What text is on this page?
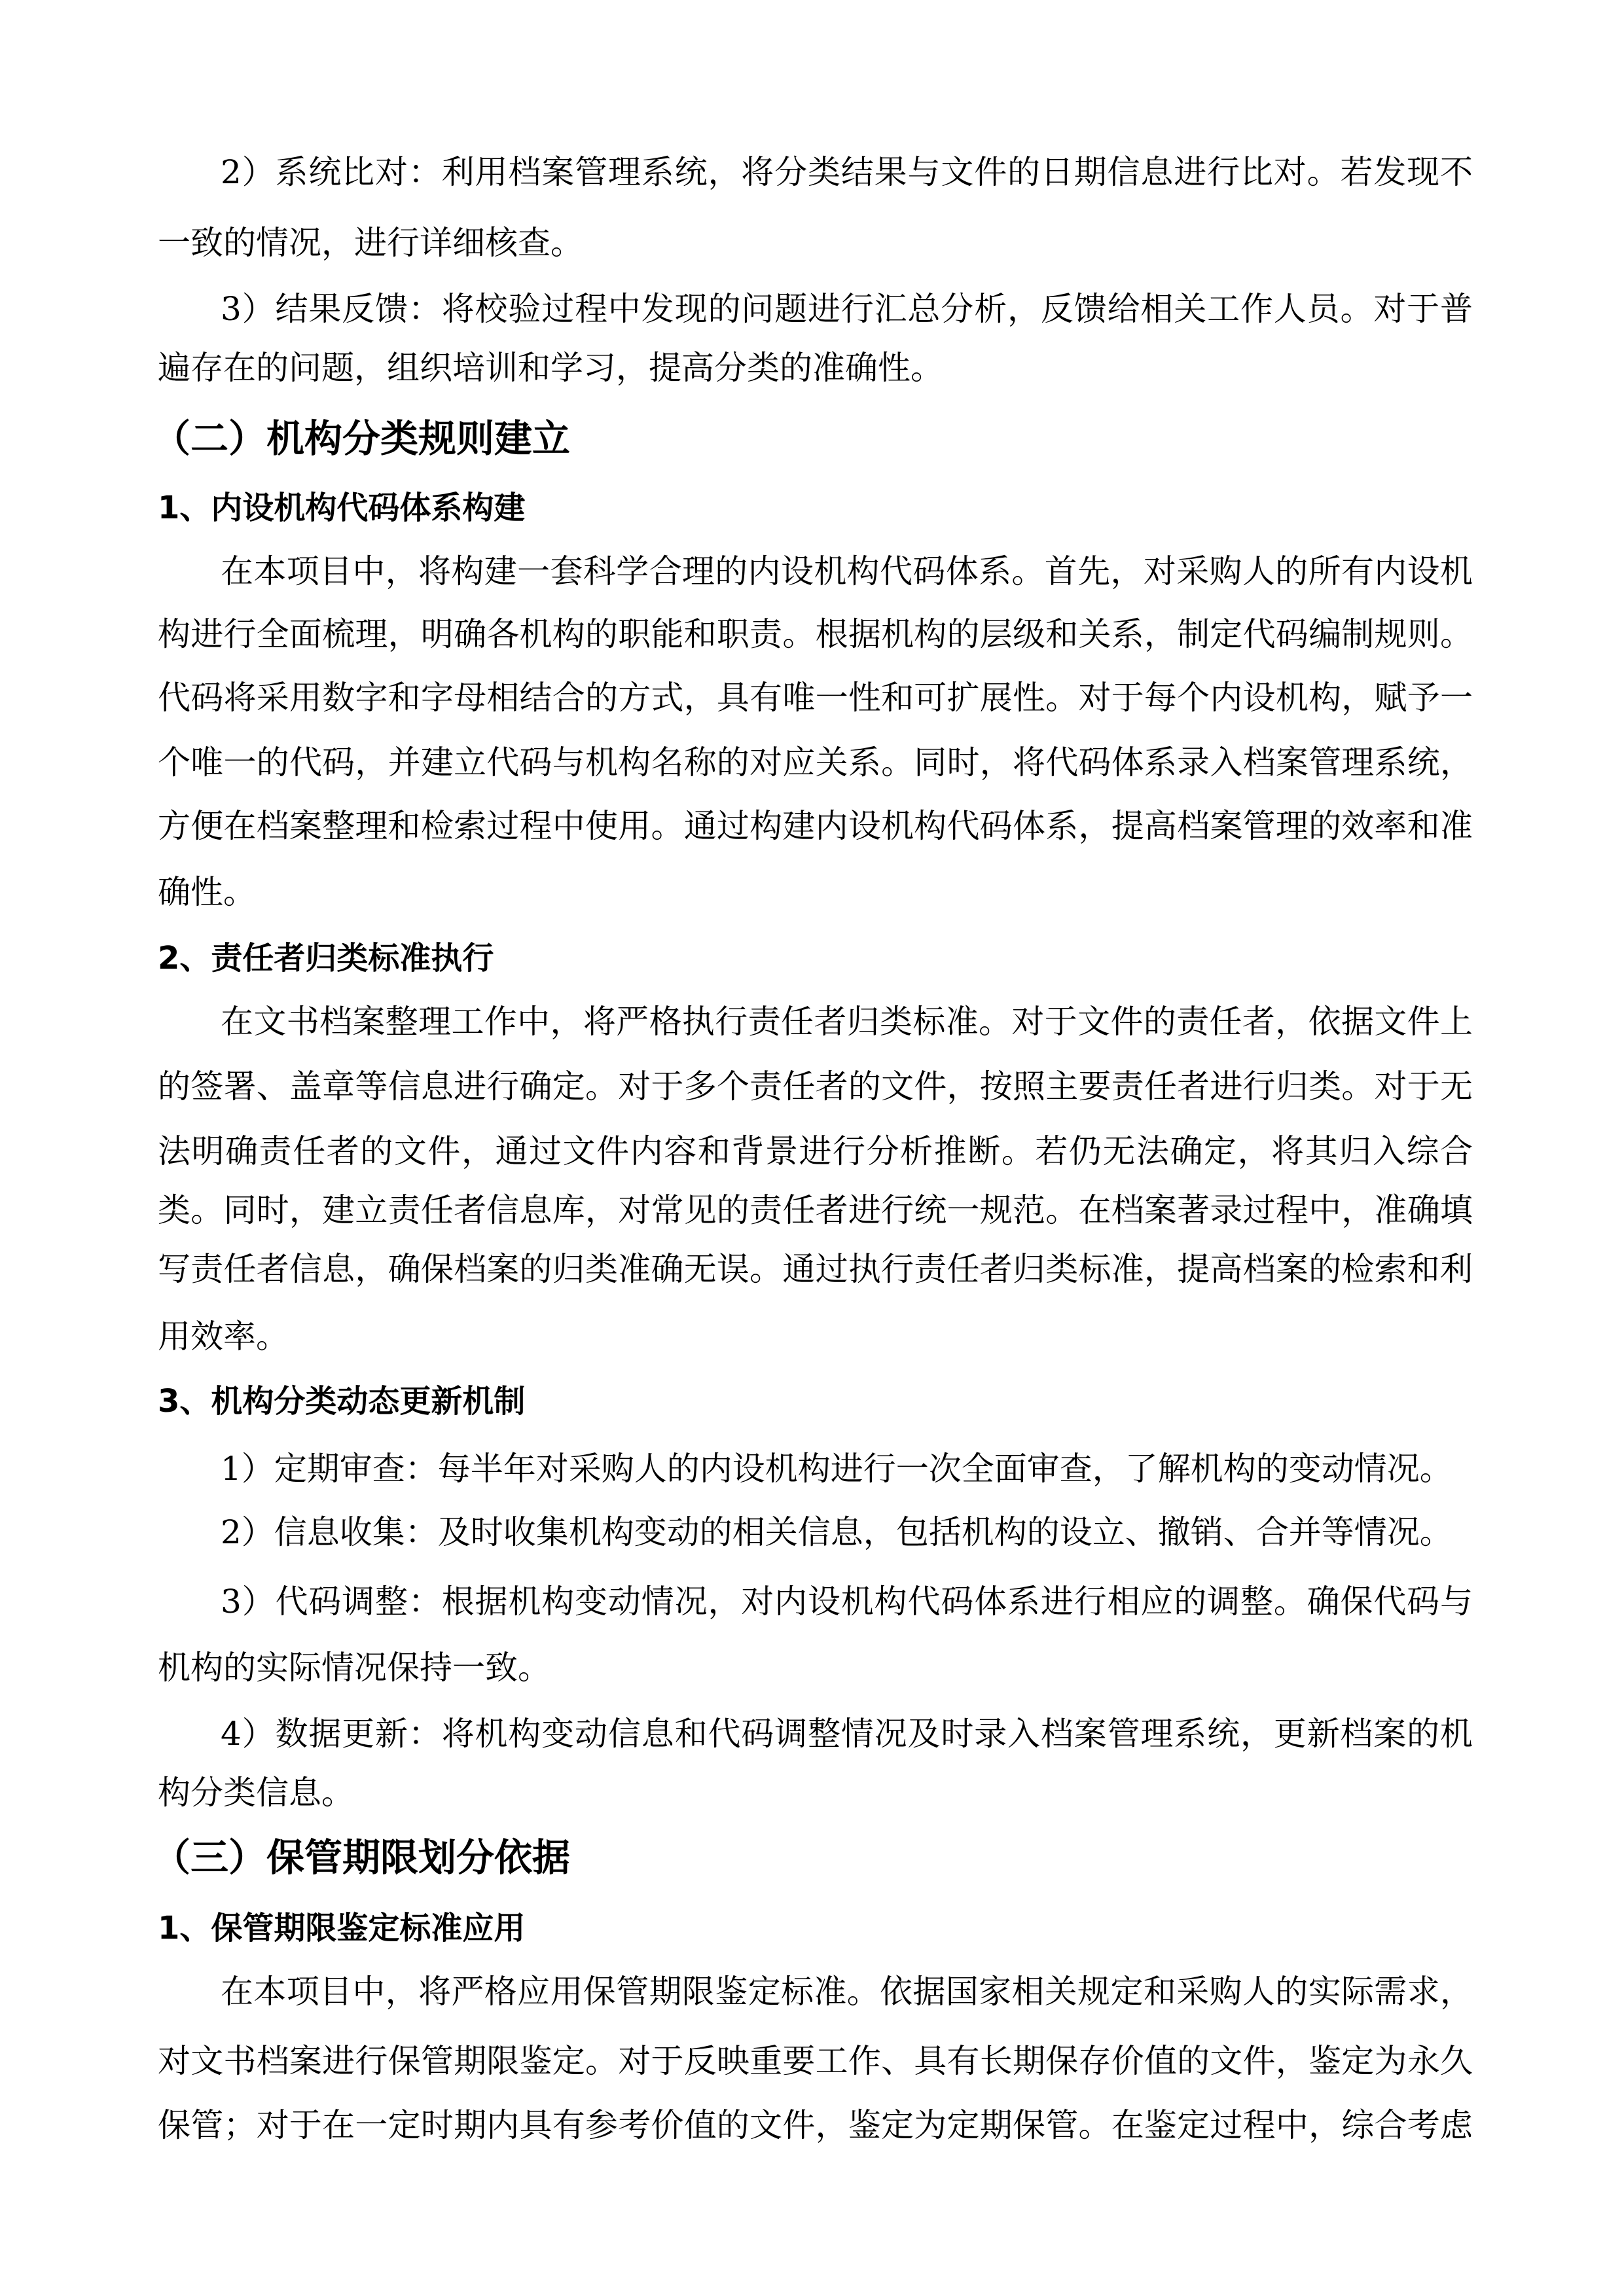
2）系统比对：利用档案管理系统，将分类结果与文件的日期信息进行比对。若发现不

一致的情况，进行详细核查。

3）结果反馈：将校验过程中发现的问题进行汇总分析，反馈给相关工作人员。对于普

遍存在的问题，组织培训和学习，提高分类的准确性。

（二）机构分类规则建立
1、内设机构代码体系构建

在本项目中，将构建一套科学合理的内设机构代码体系。首先，对采购人的所有内设机

构进行全面梳理，明确各机构的职能和职责。根据机构的层级和关系，制定代码编制规则。

代码将采用数字和字母相结合的方式，具有唯一性和可扩展性。对于每个内设机构，赋予一

个唯一的代码，并建立代码与机构名称的对应关系。同时，将代码体系录入档案管理系统，

方便在档案整理和检索过程中使用。通过构建内设机构代码体系，提高档案管理的效率和准

确性。

2、责任者归类标准执行

在文书档案整理工作中，将严格执行责任者归类标准。对于文件的责任者，依据文件上

的签署、盖章等信息进行确定。对于多个责任者的文件，按照主要责任者进行归类。对于无

法明确责任者的文件，通过文件内容和背景进行分析推断。若仍无法确定，将其归入综合

类。同时，建立责任者信息库，对常见的责任者进行统一规范。在档案著录过程中，准确填

写责任者信息，确保档案的归类准确无误。通过执行责任者归类标准，提高档案的检索和利

用效率。

3、机构分类动态更新机制

1）定期审查：每半年对采购人的内设机构进行一次全面审查，了解机构的变动情况。

2）信息收集：及时收集机构变动的相关信息，包括机构的设立、撤销、合并等情况。

3）代码调整：根据机构变动情况，对内设机构代码体系进行相应的调整。确保代码与

机构的实际情况保持一致。

4）数据更新：将机构变动信息和代码调整情况及时录入档案管理系统，更新档案的机

构分类信息。

（三）保管期限划分依据
1、保管期限鉴定标准应用

在本项目中，将严格应用保管期限鉴定标准。依据国家相关规定和采购人的实际需求，

对文书档案进行保管期限鉴定。对于反映重要工作、具有长期保存价值的文件，鉴定为永久

保管；对于在一定时期内具有参考价值的文件，鉴定为定期保管。在鉴定过程中，综合考虑
